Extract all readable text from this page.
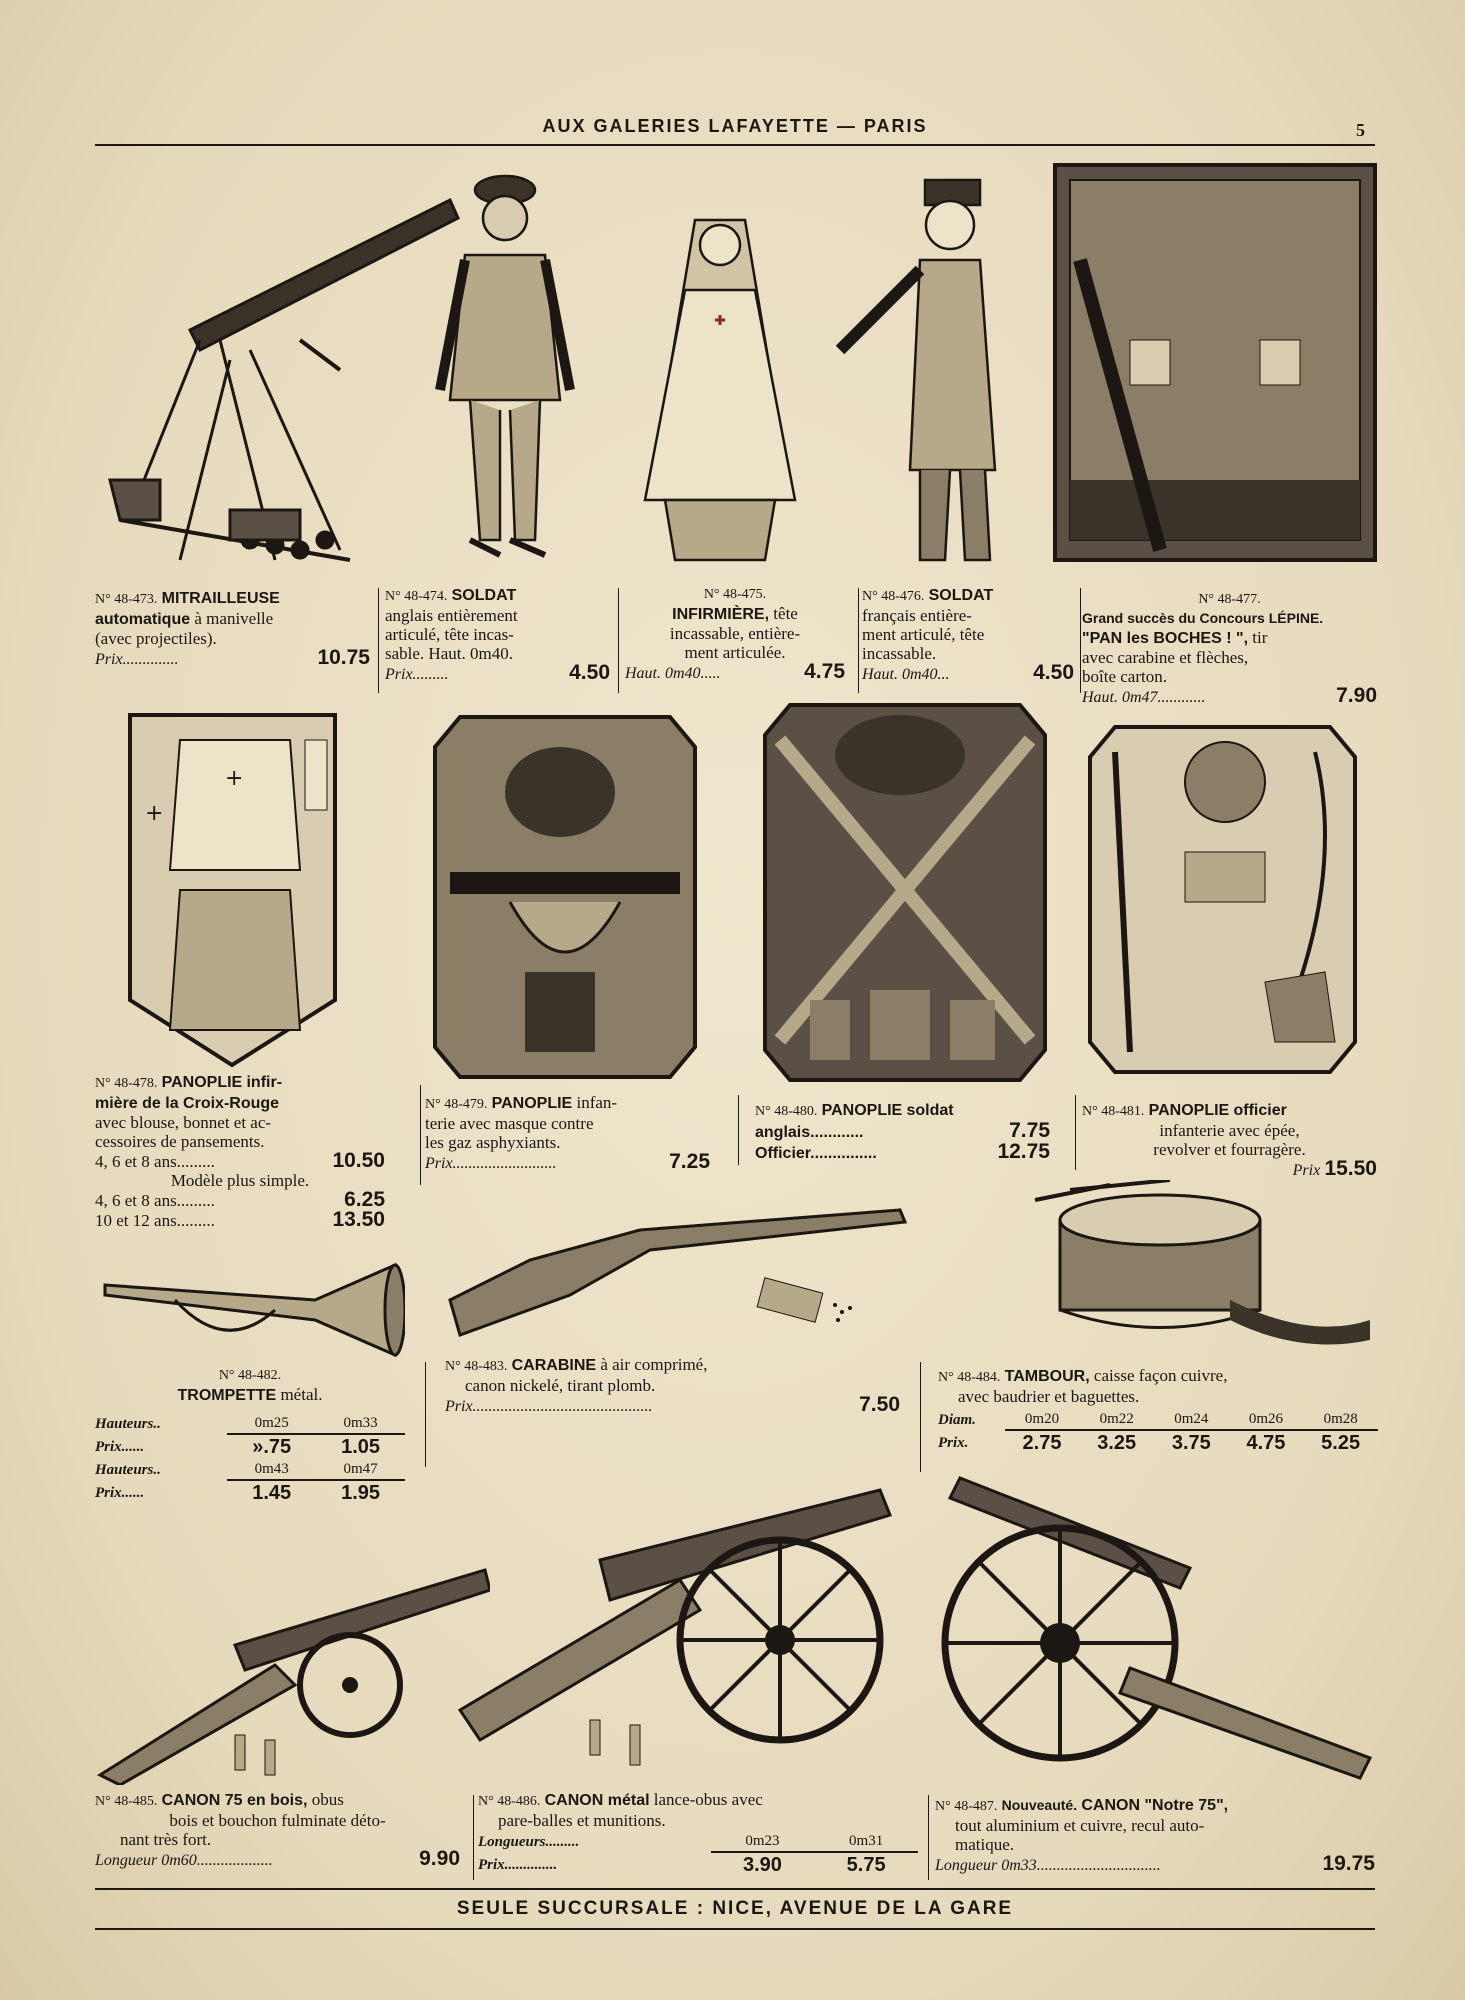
AUX GALERIES LAFAYETTE — PARIS	5
N° 48-473. MITRAILLEUSE
automatique à manivelle
(avec projectiles).
Prix..............	10.75
N° 48-474. SOLDAT
anglais entièrement
articulé, tête incas-
sable. Haut. 0m40.
Prix.........	4.50
N° 48-475.
INFIRMIÈRE, tête
incassable, entière-
ment articulée.
Haut. 0m40.....	4.75
N° 48-476. SOLDAT
français entière-
ment articulé, tête
incassable.
Haut. 0m40...	4.50
N° 48-477.
Grand succès du Concours LÉPINE.
"PAN les BOCHES ! ", tir
avec carabine et flèches,
boîte carton.
Haut. 0m47............	7.90
+
+
N° 48-478. PANOPLIE infir-
mière de la Croix-Rouge
avec blouse, bonnet et ac-
cessoires de pansements.
4, 6 et 8 ans.........	10.50
Modèle plus simple.
4, 6 et 8 ans.........	6.25
10 et 12 ans.........	13.50
N° 48-479. PANOPLIE infan-
terie avec masque contre
les gaz asphyxiants.
Prix..........................	7.25
N° 48-480. PANOPLIE soldat
anglais............	7.75
Officier...............	12.75
N° 48-481. PANOPLIE officier
infanterie avec épée,
revolver et fourragère.
Prix 15.50
N° 48-482.
TROMPETTE métal.
Hauteurs..	0m25	0m33
Prix......	».75	1.05
Hauteurs..	0m43	0m47
Prix......	1.45	1.95
N° 48-483. CARABINE à air comprimé,
canon nickelé, tirant plomb.
Prix.............................................	7.50
N° 48-484. TAMBOUR, caisse façon cuivre,
avec baudrier et baguettes.
Diam.	0m20	0m22	0m24	0m26	0m28
Prix.	2.75	3.25	3.75	4.75	5.25
N° 48-485. CANON 75 en bois, obus
bois et bouchon fulminate déto-
nant très fort.
Longueur 0m60...................	9.90
N° 48-486. CANON métal lance-obus avec
pare-balles et munitions.
Longueurs.........	0m23	0m31
Prix..............	3.90	5.75
N° 48-487. Nouveauté. CANON "Notre 75",
tout aluminium et cuivre, recul auto-
matique.
Longueur 0m33...............................	19.75
SEULE SUCCURSALE : NICE, AVENUE DE LA GARE
